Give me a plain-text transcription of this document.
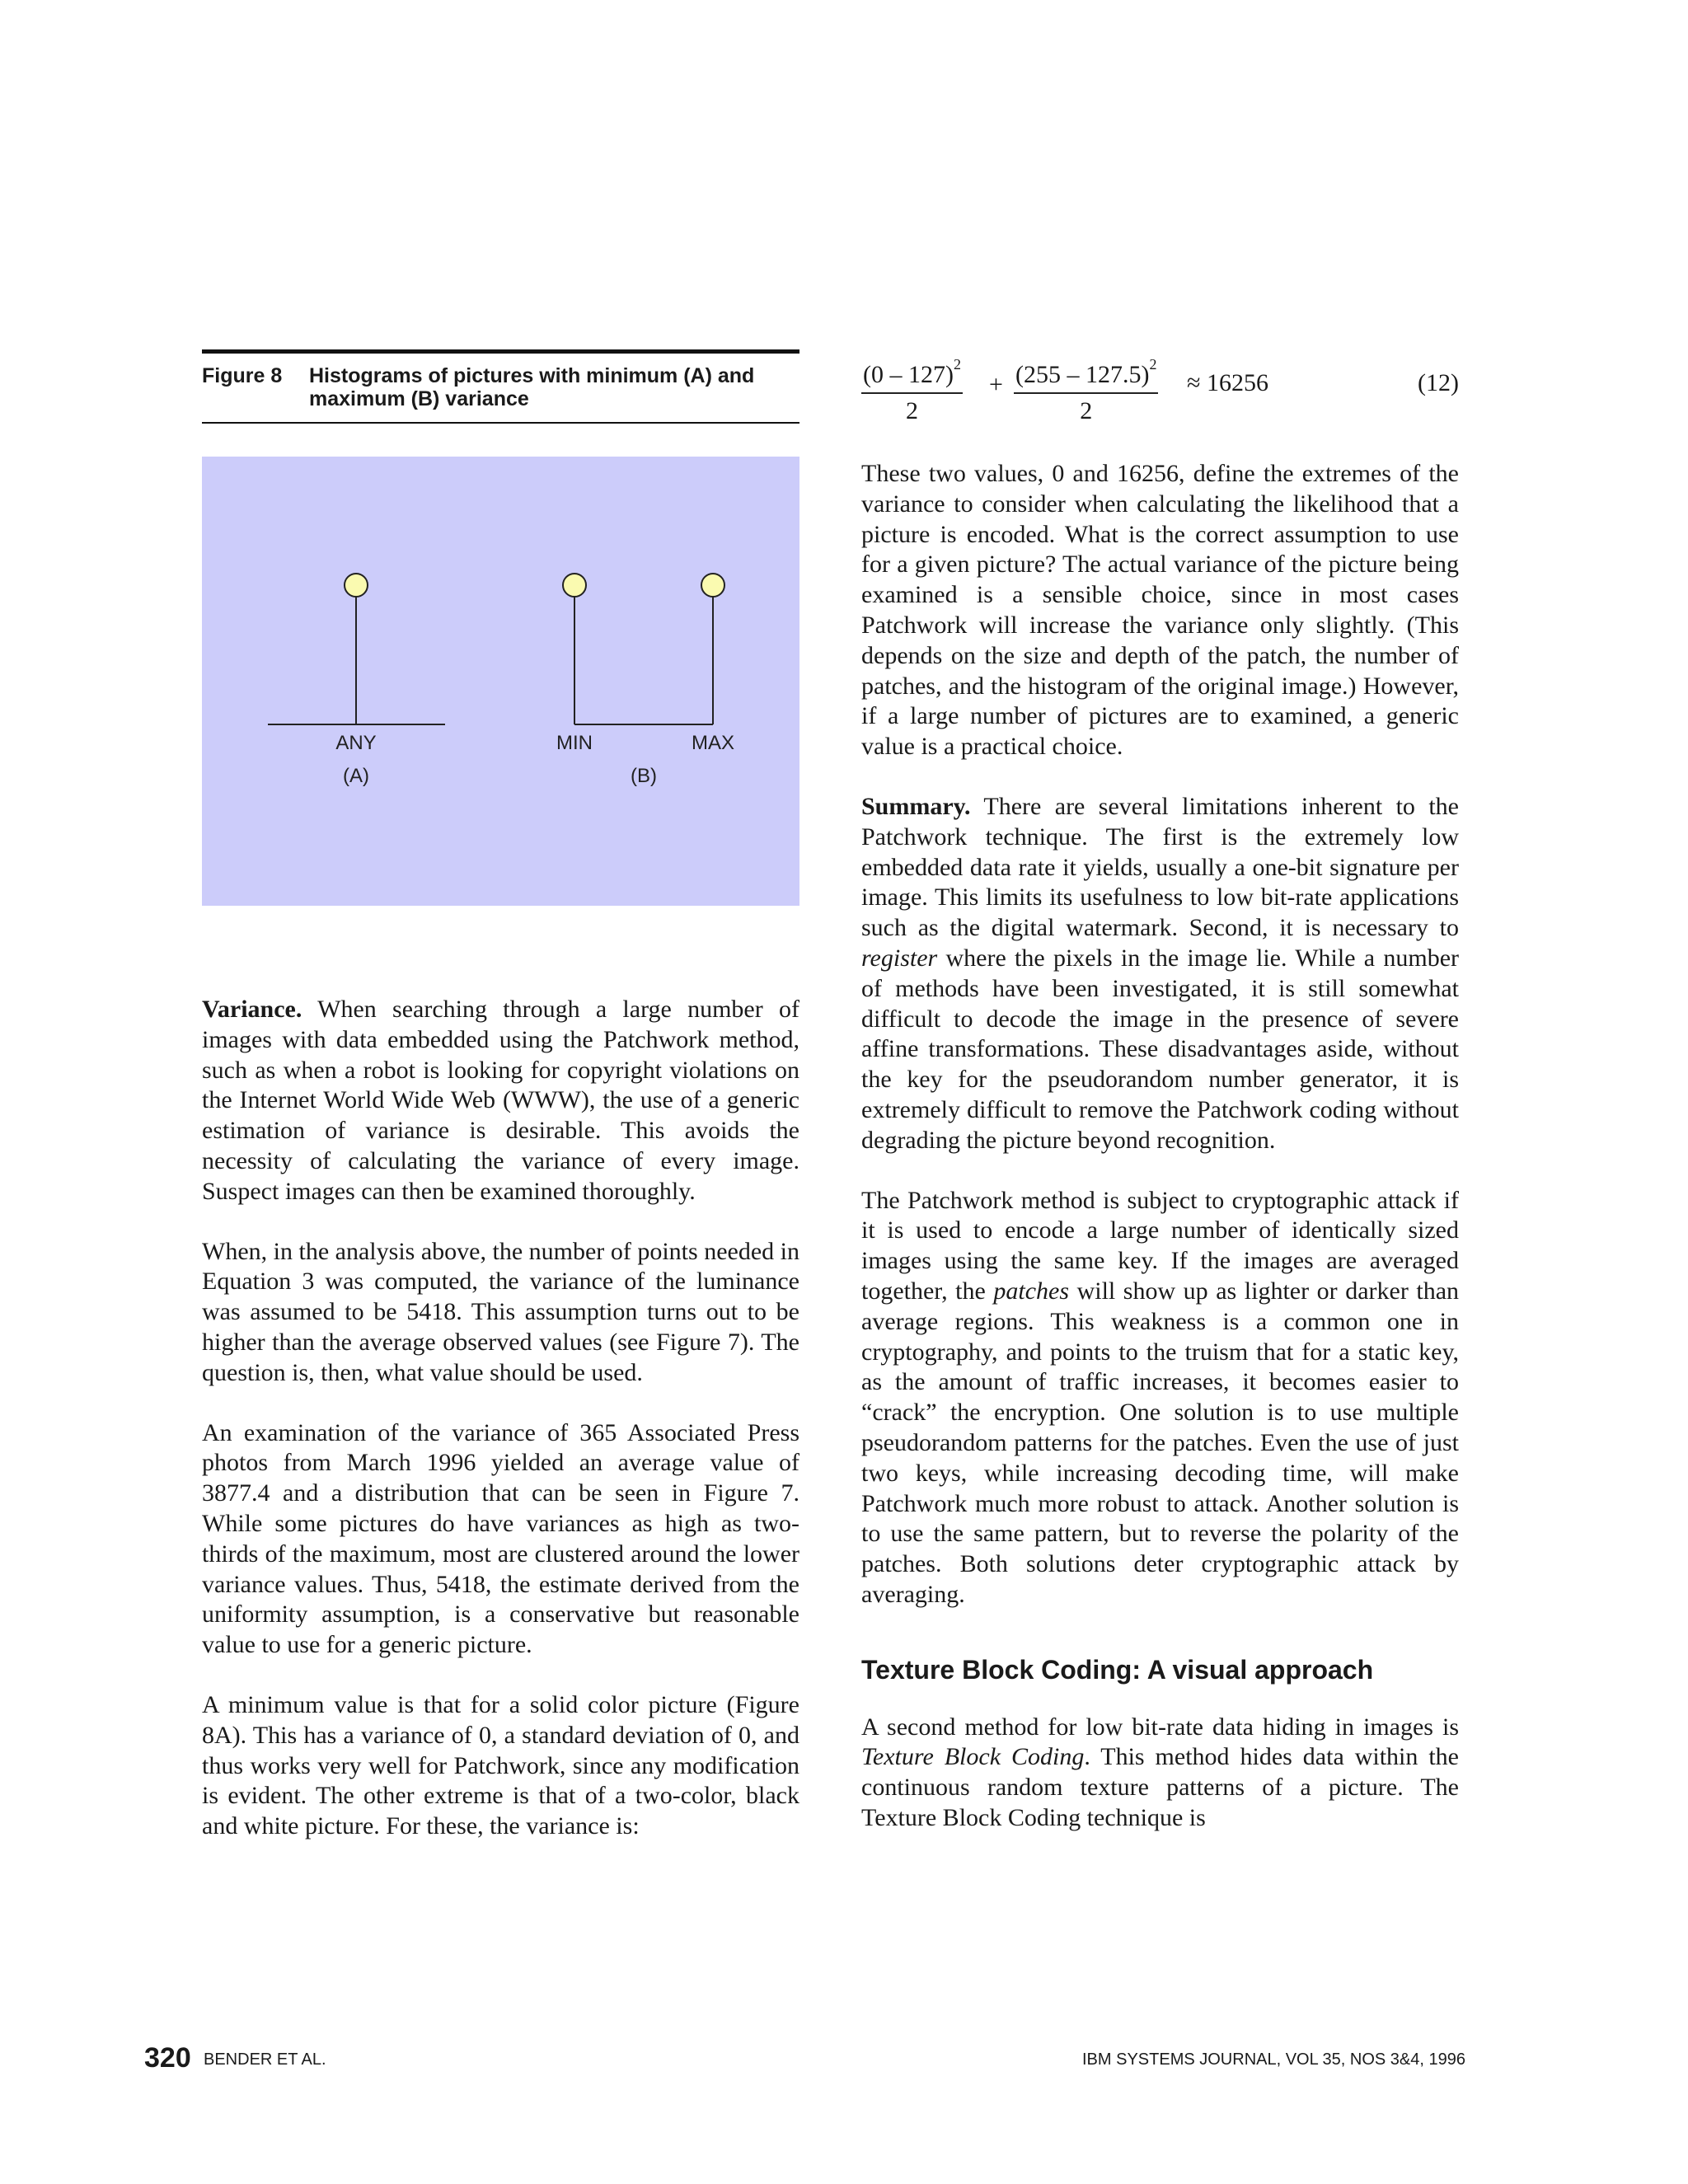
Figure 8	Histograms of pictures with minimum (A) and maximum (B) variance
ANY
(A)
MIN	MAX
(B)

Variance. When searching through a large number of images with data embedded using the Patchwork method, such as when a robot is looking for copyright violations on the Internet World Wide Web (WWW), the use of a generic estimation of variance is desirable. This avoids the necessity of calculating the variance of every image. Suspect images can then be examined thoroughly.

When, in the analysis above, the number of points needed in Equation 3 was computed, the variance of the luminance was assumed to be 5418. This assumption turns out to be higher than the average observed values (see Figure 7). The question is, then, what value should be used.

An examination of the variance of 365 Associated Press photos from March 1996 yielded an average value of 3877.4 and a distribution that can be seen in Figure 7. While some pictures do have variances as high as two-thirds of the maximum, most are clustered around the lower variance values. Thus, 5418, the estimate derived from the uniformity assumption, is a conservative but reasonable value to use for a generic picture.

A minimum value is that for a solid color picture (Figure 8A). This has a variance of 0, a standard deviation of 0, and thus works very well for Patchwork, since any modification is evident. The other extreme is that of a two-color, black and white picture. For these, the variance is:

$\frac{(0 - 127)^2}{2} + \frac{(255 - 127.5)^2}{2} \approx 16256$	(12)

These two values, 0 and 16256, define the extremes of the variance to consider when calculating the likelihood that a picture is encoded. What is the correct assumption to use for a given picture? The actual variance of the picture being examined is a sensible choice, since in most cases Patchwork will increase the variance only slightly. (This depends on the size and depth of the patch, the number of patches, and the histogram of the original image.) However, if a large number of pictures are to examined, a generic value is a practical choice.

Summary. There are several limitations inherent to the Patchwork technique. The first is the extremely low embedded data rate it yields, usually a one-bit signature per image. This limits its usefulness to low bit-rate applications such as the digital watermark. Second, it is necessary to register where the pixels in the image lie. While a number of methods have been investigated, it is still somewhat difficult to decode the image in the presence of severe affine transformations. These disadvantages aside, without the key for the pseudorandom number generator, it is extremely difficult to remove the Patchwork coding without degrading the picture beyond recognition.

The Patchwork method is subject to cryptographic attack if it is used to encode a large number of identically sized images using the same key. If the images are averaged together, the patches will show up as lighter or darker than average regions. This weakness is a common one in cryptography, and points to the truism that for a static key, as the amount of traffic increases, it becomes easier to “crack” the encryption. One solution is to use multiple pseudorandom patterns for the patches. Even the use of just two keys, while increasing decoding time, will make Patchwork much more robust to attack. Another solution is to use the same pattern, but to reverse the polarity of the patches. Both solutions deter cryptographic attack by averaging.

Texture Block Coding: A visual approach

A second method for low bit-rate data hiding in images is Texture Block Coding. This method hides data within the continuous random texture patterns of a picture. The Texture Block Coding technique is

320 BENDER ET AL.	IBM SYSTEMS JOURNAL, VOL 35, NOS 3&4, 1996
